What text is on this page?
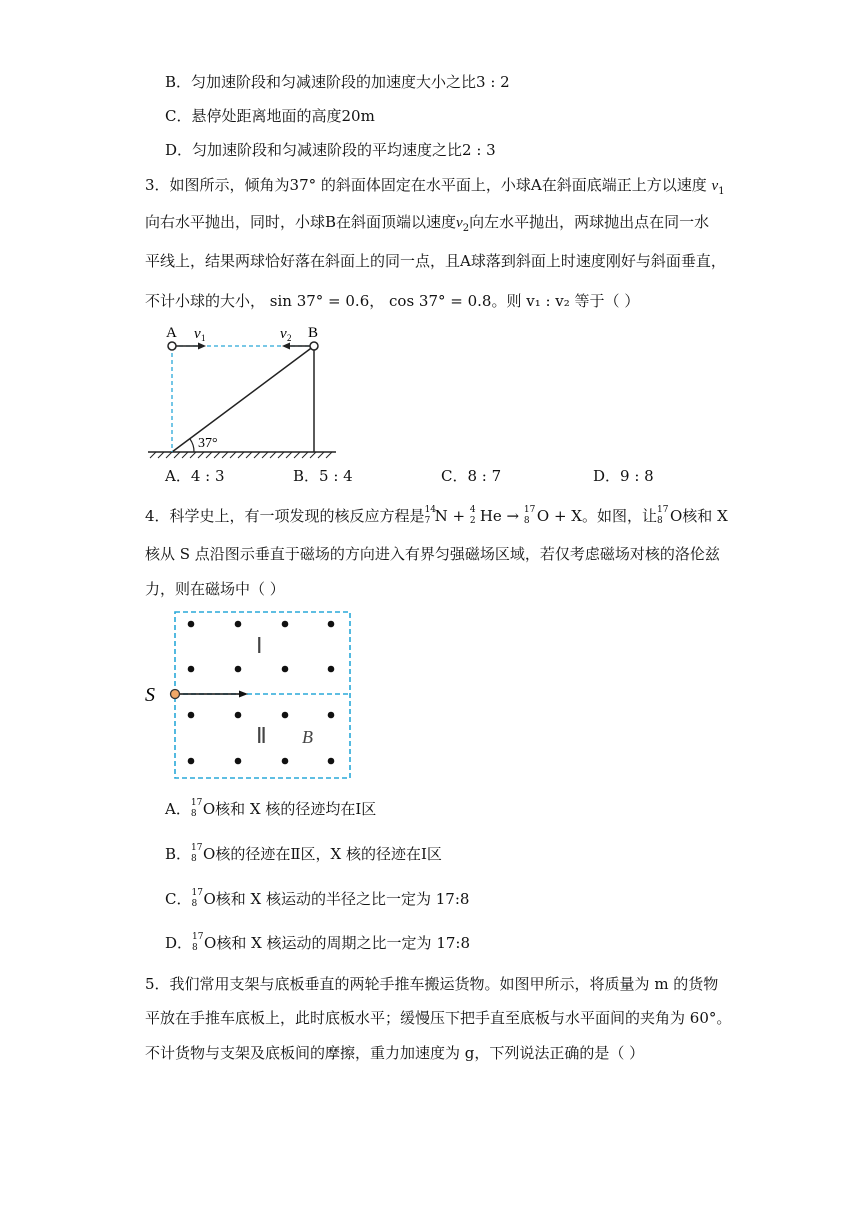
B．匀加速阶段和匀减速阶段的加速度大小之比3 : 2
C．悬停处距离地面的高度20m
D．匀加速阶段和匀减速阶段的平均速度之比2 : 3
3．如图所示，倾角为37° 的斜面体固定在水平面上，小球A在斜面底端正上方以速度 $v_1$
向右水平抛出，同时，小球B在斜面顶端以速度$v_2$向左水平抛出，两球抛出点在同一水
平线上，结果两球恰好落在斜面上的同一点，且A球落到斜面上时速度刚好与斜面垂直，
不计小球的大小， sin 37° = 0.6， cos 37° = 0.8。则 v₁ : v₂ 等于（ ）
A	B
v 1	v 2
37°
A．4 : 3	B．5 : 4	C．8 : 7	D．9 : 8
4．科学史上，有一项发现的核反应方程是 14
7 N + 4
2 He → 17
8 O + X。如图，让 17
8 O核和 X
核从 S 点沿图示垂直于磁场的方向进入有界匀强磁场区域，若仅考虑磁场对核的洛伦兹
力，则在磁场中（ ）
S
Ⅰ
Ⅱ B
A． 17
8 O核和 X 核的径迹均在Ⅰ区
B． 17
8 O核的径迹在Ⅱ区，X 核的径迹在Ⅰ区
C． 17
8 O核和 X 核运动的半径之比一定为 17:8
D． 17
8 O核和 X 核运动的周期之比一定为 17:8
5．我们常用支架与底板垂直的两轮手推车搬运货物。如图甲所示，将质量为 m 的货物
平放在手推车底板上，此时底板水平；缓慢压下把手直至底板与水平面间的夹角为 60°。
不计货物与支架及底板间的摩擦，重力加速度为 g，下列说法正确的是（ ）
